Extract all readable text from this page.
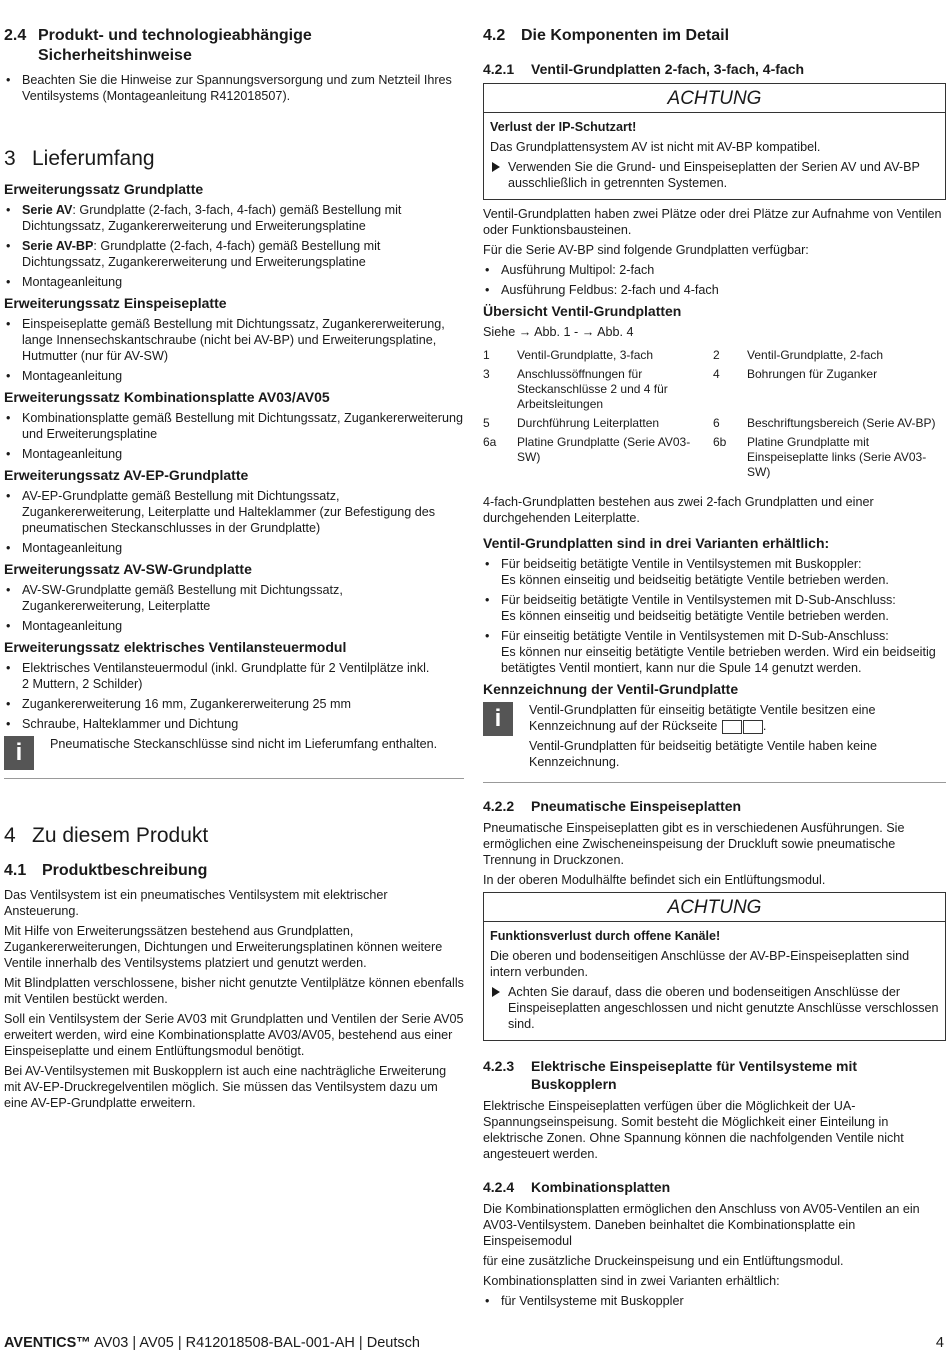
2.4 Produkt- und technologieabhängige Sicherheitshinweise
• Beachten Sie die Hinweise zur Spannungsversorgung und zum Netzteil Ihres Ventilsystems (Montageanleitung R412018507).
3 Lieferumfang
Erweiterungssatz Grundplatte
• Serie AV: Grundplatte (2-fach, 3-fach, 4-fach) gemäß Bestellung mit Dichtungssatz, Zugankererweiterung und Erweiterungsplatine
• Serie AV-BP: Grundplatte (2-fach, 4-fach) gemäß Bestellung mit Dichtungssatz, Zugankererweiterung und Erweiterungsplatine
• Montageanleitung
Erweiterungssatz Einspeiseplatte
• Einspeiseplatte gemäß Bestellung mit Dichtungssatz, Zugankererweiterung, lange Innensechskantschraube (nicht bei AV-BP) und Erweiterungsplatine, Hutmutter (nur für AV-SW)
• Montageanleitung
Erweiterungssatz Kombinationsplatte AV03/AV05
• Kombinationsplatte gemäß Bestellung mit Dichtungssatz, Zugankererweiterung und Erweiterungsplatine
• Montageanleitung
Erweiterungssatz AV-EP-Grundplatte
• AV-EP-Grundplatte gemäß Bestellung mit Dichtungssatz, Zugankererweiterung, Leiterplatte und Halteklammer (zur Befestigung des pneumatischen Steckanschlusses in der Grundplatte)
• Montageanleitung
Erweiterungssatz AV-SW-Grundplatte
• AV-SW-Grundplatte gemäß Bestellung mit Dichtungssatz, Zugankererweiterung, Leiterplatte
• Montageanleitung
Erweiterungssatz elektrisches Ventilansteuermodul
• Elektrisches Ventilansteuermodul (inkl. Grundplatte für 2 Ventilplätze inkl.
2 Muttern, 2 Schilder)
• Zugankererweiterung 16 mm, Zugankererweiterung 25 mm
• Schraube, Halteklammer und Dichtung
i	Pneumatische Steckanschlüsse sind nicht im Lieferumfang enthalten.
4 Zu diesem Produkt
4.1 Produktbeschreibung

Das Ventilsystem ist ein pneumatisches Ventilsystem mit elektrischer Ansteuerung.

Mit Hilfe von Erweiterungssätzen bestehend aus Grundplatten, Zugankererweiterungen, Dichtungen und Erweiterungsplatinen können weitere Ventile innerhalb des Ventilsystems platziert und genutzt werden.

Mit Blindplatten verschlossene, bisher nicht genutzte Ventilplätze können ebenfalls mit Ventilen bestückt werden.

Soll ein Ventilsystem der Serie AV03 mit Grundplatten und Ventilen der Serie AV05 erweitert werden, wird eine Kombinationsplatte AV03/AV05, bestehend aus einer Einspeiseplatte und einem Entlüftungsmodul benötigt.

Bei AV-Ventilsystemen mit Buskopplern ist auch eine nachträgliche Erweiterung mit AV-EP-Druckregelventilen möglich. Sie müssen das Ventilsystem dazu um eine AV-EP-Grundplatte erweitern.

4.2 Die Komponenten im Detail
4.2.1	Ventil-Grundplatten 2-fach, 3-fach, 4-fach
ACHTUNG
Verlust der IP-Schutzart!

Das Grundplattensystem AV ist nicht mit AV-BP kompatibel.

Verwenden Sie die Grund- und Einspeiseplatten der Serien AV und AV-BP ausschließlich in getrennten Systemen.

Ventil-Grundplatten haben zwei Plätze oder drei Plätze zur Aufnahme von Ventilen oder Funktionsbausteinen.

Für die Serie AV-BP sind folgende Grundplatten verfügbar:

• Ausführung Multipol: 2-fach
• Ausführung Feldbus: 2-fach und 4-fach
Übersicht Ventil-Grundplatten

Siehe → Abb. 1 - → Abb. 4

1	Ventil-Grundplatte, 3-fach	2	Ventil-Grundplatte, 2-fach
3	Anschlussöffnungen für Steckanschlüsse 2 und 4 für Arbeitsleitungen	4	Bohrungen für Zuganker
5	Durchführung Leiterplatten	6	Beschriftungsbereich (Serie AV-BP)
6a	Platine Grundplatte (Serie AV03-SW)	6b	Platine Grundplatte mit Einspeiseplatte links (Serie AV03-SW)

4-fach-Grundplatten bestehen aus zwei 2-fach Grundplatten und einer durchgehenden Leiterplatte.

Ventil-Grundplatten sind in drei Varianten erhältlich:
• Für beidseitig betätigte Ventile in Ventilsystemen mit Buskoppler:
Es können einseitig und beidseitig betätigte Ventile betrieben werden.
• Für beidseitig betätigte Ventile in Ventilsystemen mit D-Sub-Anschluss:
Es können einseitig und beidseitig betätigte Ventile betrieben werden.
• Für einseitig betätigte Ventile in Ventilsystemen mit D-Sub-Anschluss:
Es können nur einseitig betätigte Ventile betrieben werden. Wird ein beidseitig betätigtes Ventil montiert, kann nur die Spule 14 genutzt werden.
Kennzeichnung der Ventil-Grundplatte
i	Ventil-Grundplatten für einseitig betätigte Ventile besitzen eine Kennzeichnung auf der Rückseite	.

Ventil-Grundplatten für beidseitig betätigte Ventile haben keine Kennzeichnung.

4.2.2	Pneumatische Einspeiseplatten

Pneumatische Einspeiseplatten gibt es in verschiedenen Ausführungen. Sie ermöglichen eine Zwischeneinspeisung der Druckluft sowie pneumatische Trennung in Druckzonen.

In der oberen Modulhälfte befindet sich ein Entlüftungsmodul.

ACHTUNG
Funktionsverlust durch offene Kanäle!

Die oberen und bodenseitigen Anschlüsse der AV-BP-Einspeiseplatten sind intern verbunden.

Achten Sie darauf, dass die oberen und bodenseitigen Anschlüsse der Einspeiseplatten angeschlossen und nicht genutzte Anschlüsse verschlossen sind.
4.2.3	Elektrische Einspeiseplatte für Ventilsysteme mit Buskopplern

Elektrische Einspeiseplatten verfügen über die Möglichkeit der UA-Spannungseinspeisung. Somit besteht die Möglichkeit einer Einteilung in elektrische Zonen. Ohne Spannung können die nachfolgenden Ventile nicht angesteuert werden.

4.2.4	Kombinationsplatten

Die Kombinationsplatten ermöglichen den Anschluss von AV05-Ventilen an ein AV03-Ventilsystem. Daneben beinhaltet die Kombinationsplatte ein Einspeisemodul

für eine zusätzliche Druckeinspeisung und ein Entlüftungsmodul.

Kombinationsplatten sind in zwei Varianten erhältlich:

• für Ventilsysteme mit Buskoppler
AVENTICS™ AV03 | AV05 | R412018508-BAL-001-AH | Deutsch	4
